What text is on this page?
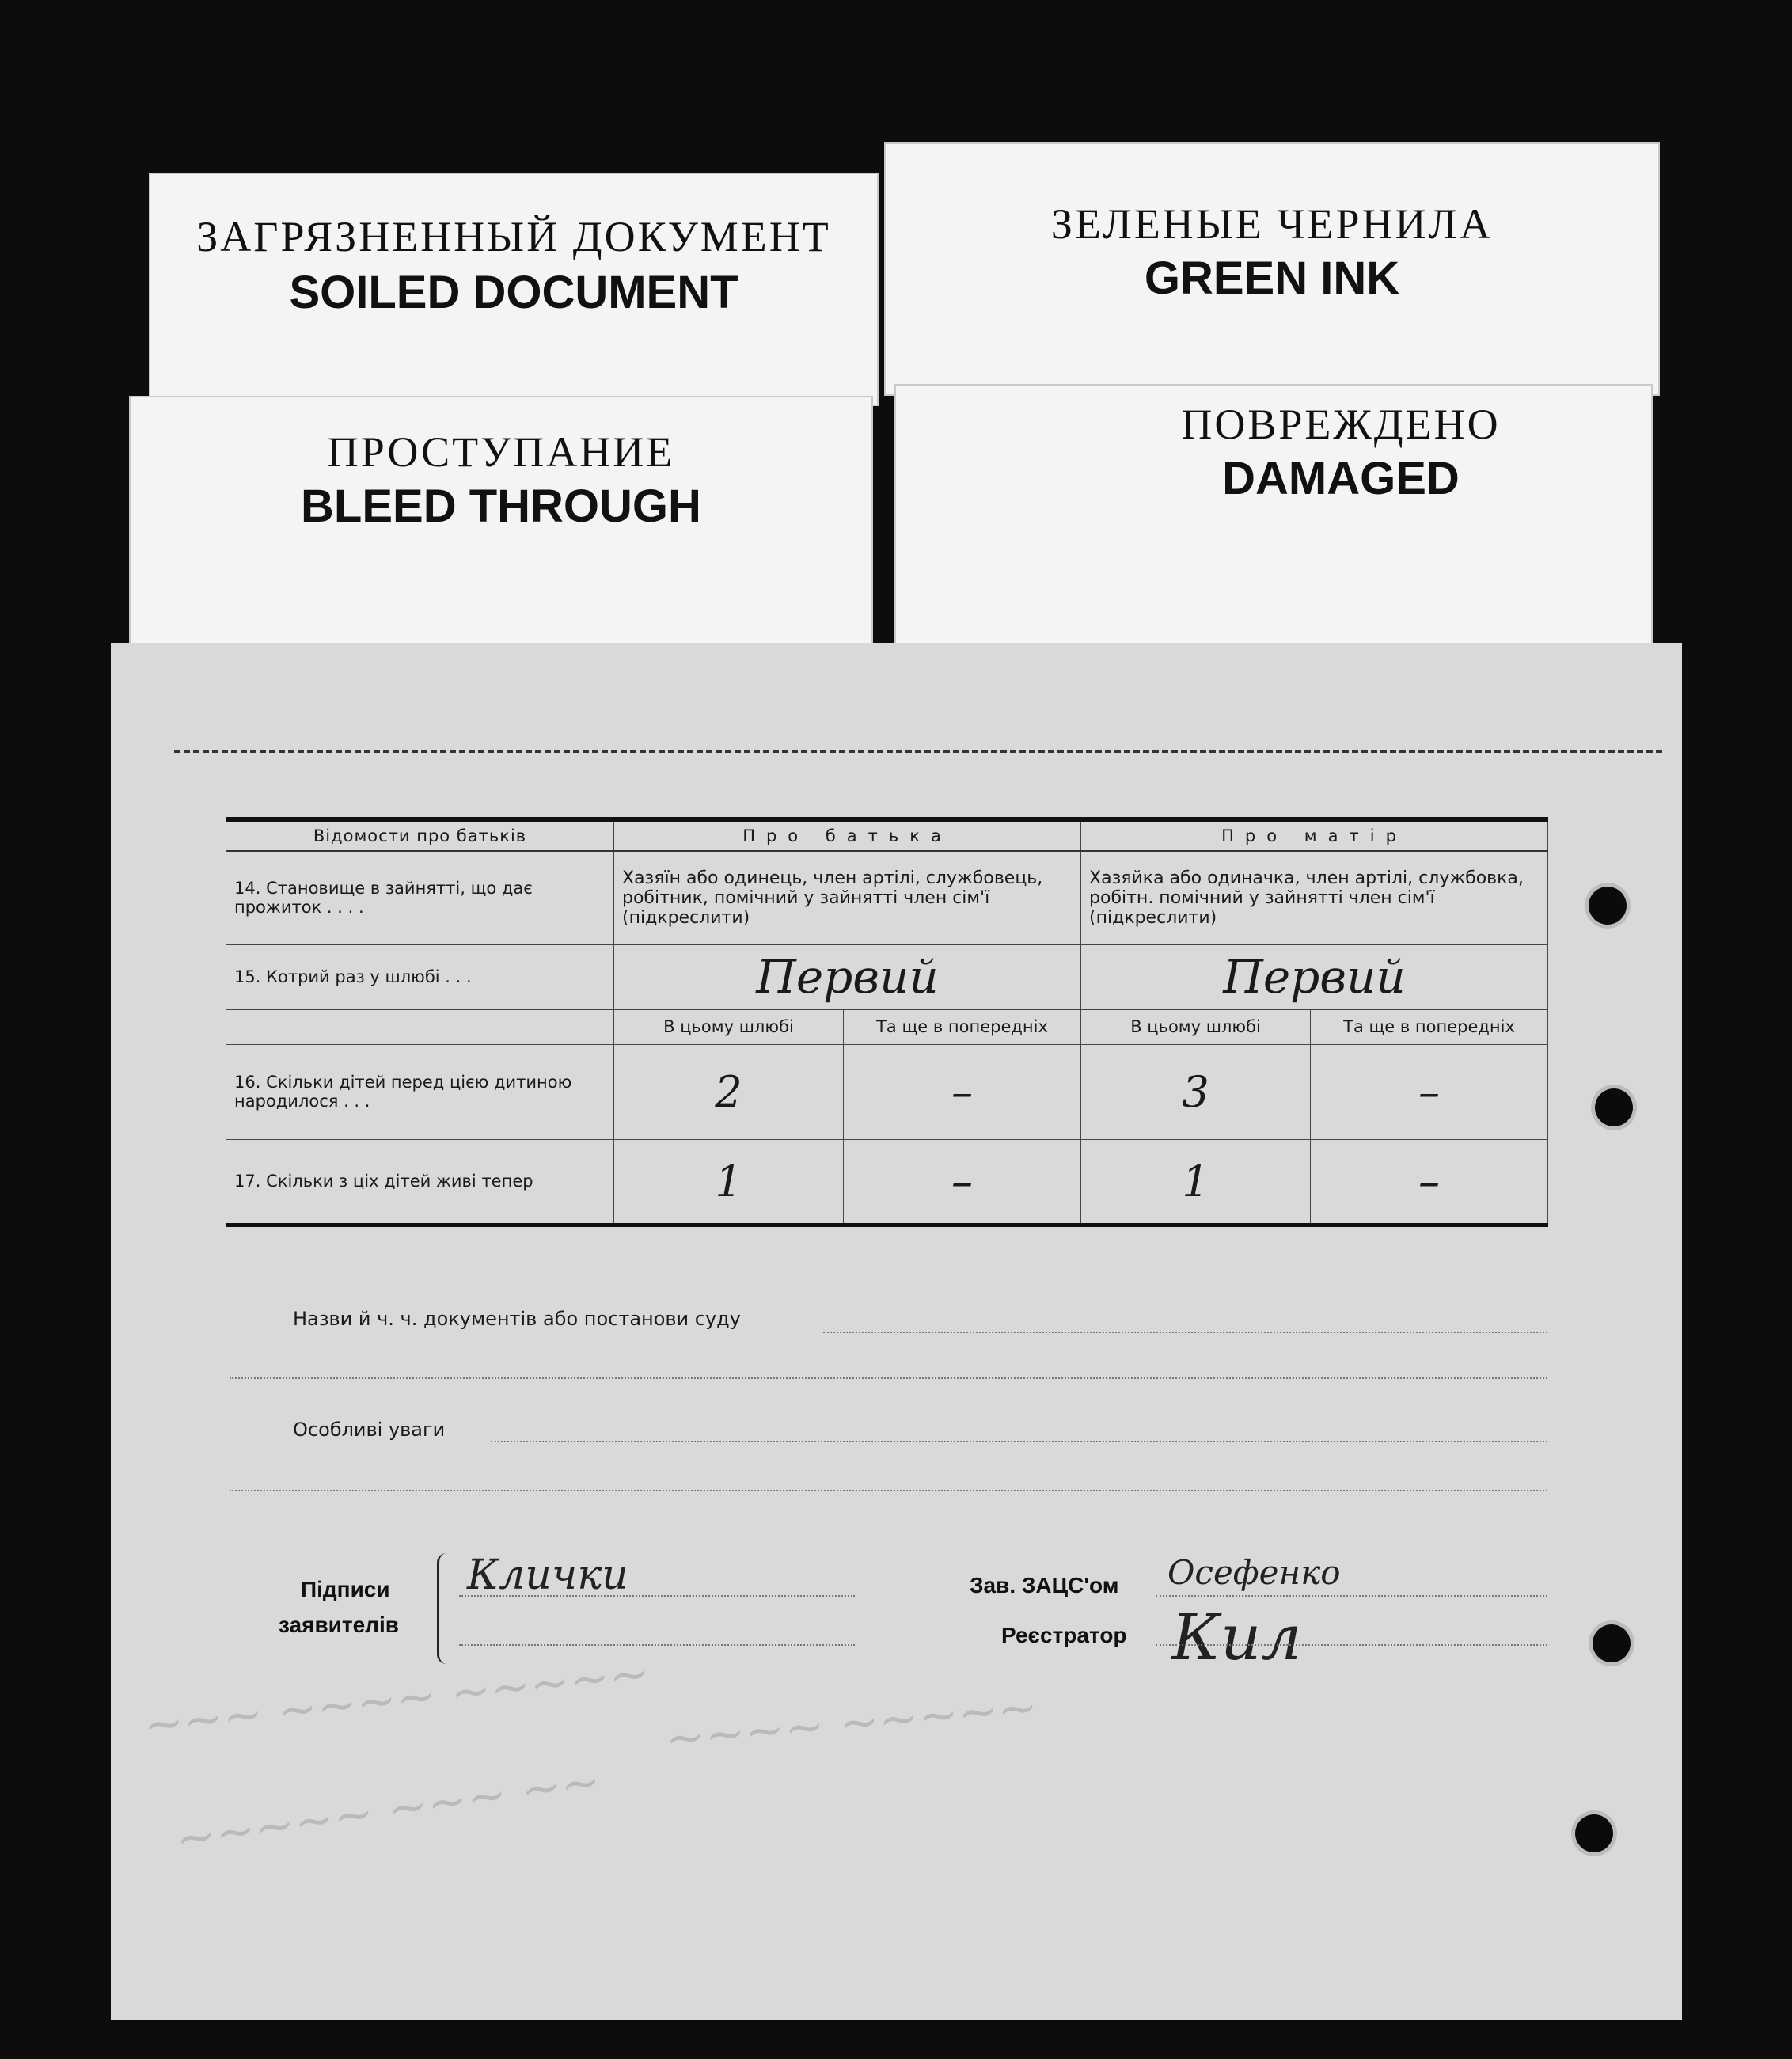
ЗАГРЯЗНЕННЫЙ ДОКУМЕНТ
SOILED DOCUMENT
ЗЕЛЕНЫЕ ЧЕРНИЛА
GREEN INK
ПРОСТУПАНИЕ
BLEED THROUGH
ПОВРЕЖДЕНО
DAMAGED
~~~ ~~~~ ~~~~~
~~~~~ ~~~ ~~
~~~~ ~~~~~
Відомости про батьків	Про батька		Про матір	
14. Становище в зайнятті, що дає прожиток . . . .	Хазяїн або одинець, член артілі, службовець, робітник, помічний у зайнятті член сім'ї (підкреслити)		Хазяйка або одиначка, член артілі, службовка, робітн. помічний у зайнятті член сім'ї (підкреслити)	
15. Котрий раз у шлюбі . . .	Первий		Первий	
	В цьому шлюбі	Та ще в попередніх	В цьому шлюбі	Та ще в попередніх
16. Скільки дітей перед цією дитиною народилося . . .	2	–	3	–
17. Скільки з ціх дітей живі тепер	1	–	1	–
Назви й ч. ч. документів або постанови суду
Особливі уваги
Підписи
заявителів
Клички	Зав. ЗАЦС'ом Осефенко
Реєстратор Кил
